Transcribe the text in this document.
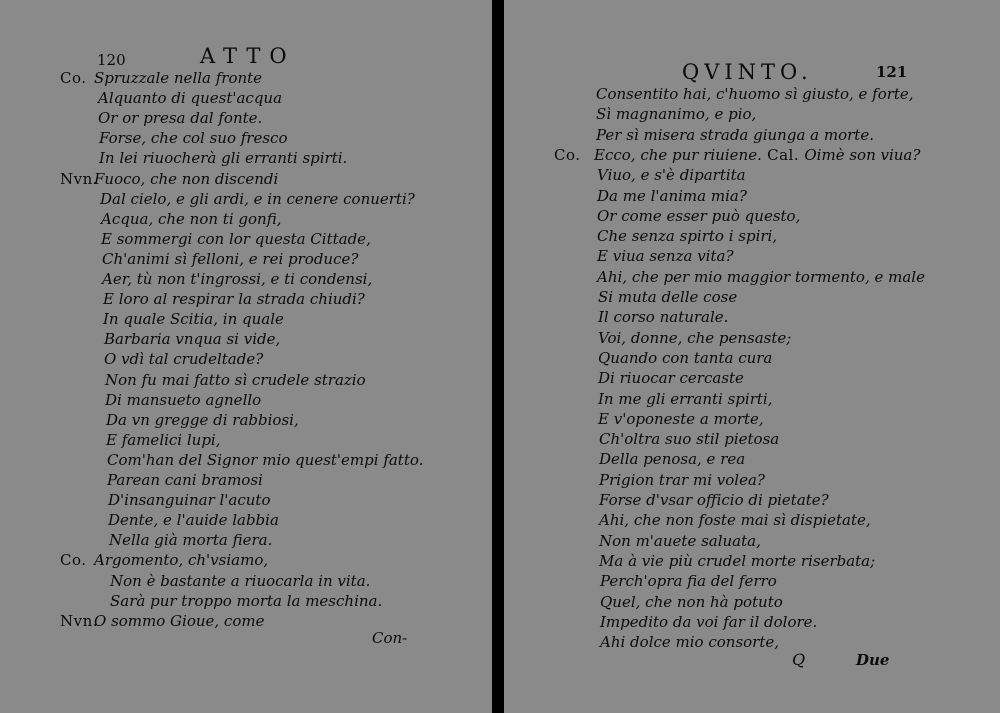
120	ATTO
Co. Spruzzale nella fronte
Alquanto di quest'acqua
Or or presa dal fonte.
Forse, che col suo fresco
In lei riuocherà gli erranti spirti.
Nvn.
Fuoco, che non discendi
Dal cielo, e gli ardi, e in cenere conuerti?
Acqua, che non ti gonfi,
E sommergi con lor questa Cittade,
Ch'animi sì felloni, e rei produce?
Aer, tù non t'ingrossi, e ti condensi,
E loro al respirar la strada chiudi?
In quale Scitia, in quale
Barbaria vnqua si vide,
O vdì tal crudeltade?
Non fu mai fatto sì crudele strazio
Di mansueto agnello
Da vn gregge di rabbiosi,
E famelici lupi,
Com'han del Signor mio quest'empi fatto.
Parean cani bramosi
D'insanguinar l'acuto
Dente, e l'auide labbia
Nella già morta fiera.
Co. Argomento, ch'vsiamo,
Non è bastante a riuocarla in vita.
Sarà pur troppo morta la meschina.
Nvn.
O sommo Gioue, come
Con-
QVINTO.	121
Consentito hai, c'huomo sì giusto, e forte,
Sì magnanimo, e pio,
Per sì misera strada giunga a morte.
Co. Ecco, che pur riuiene. Cal. Oimè son viua?
Viuo, e s'è dipartita
Da me l'anima mia?
Or come esser può questo,
Che senza spirto i spiri,
E viua senza vita?
Ahi, che per mio maggior tormento, e male
Si muta delle cose
Il corso naturale.
Voi, donne, che pensaste;
Quando con tanta cura
Di riuocar cercaste
In me gli erranti spirti,
E v'oponeste a morte,
Ch'oltra suo stil pietosa
Della penosa, e rea
Prigion trar mi volea?
Forse d'vsar officio di pietate?
Ahi, che non foste mai sì dispietate,
Non m'auete saluata,
Ma à vie più crudel morte riserbata;
Perch'opra fia del ferro
Quel, che non hà potuto
Impedito da voi far il dolore.
Ahi dolce mio consorte,
Q	Due
